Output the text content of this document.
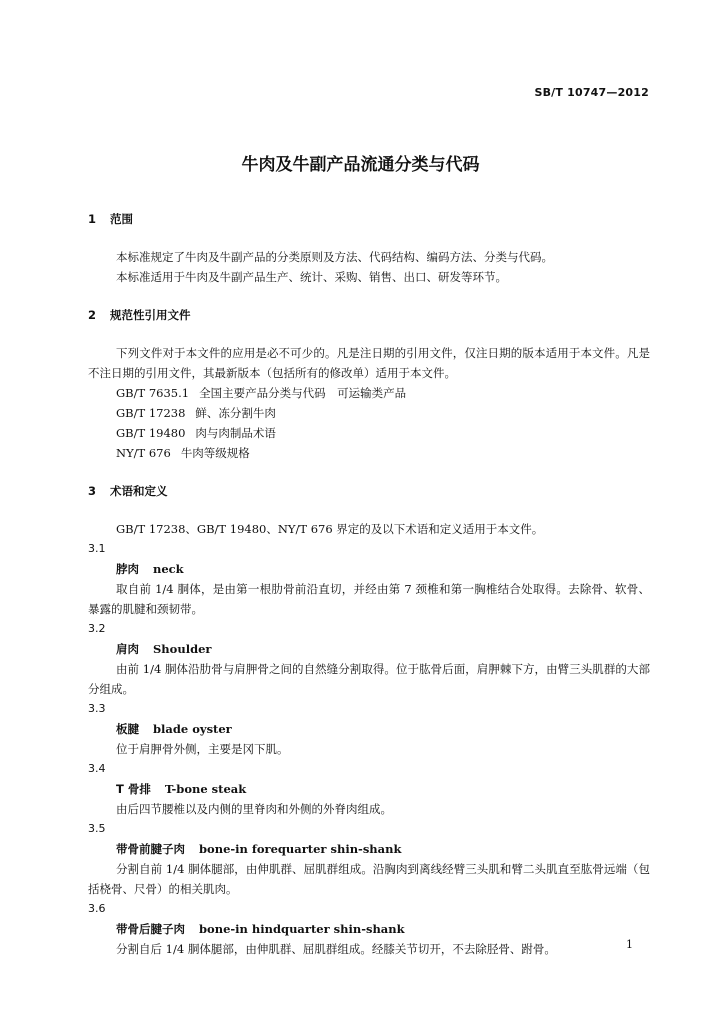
SB/T 10747—2012
牛肉及牛副产品流通分类与代码
1 范围
本标准规定了牛肉及牛副产品的分类原则及方法、代码结构、编码方法、分类与代码。
本标准适用于牛肉及牛副产品生产、统计、采购、销售、出口、研发等环节。
2 规范性引用文件
下列文件对于本文件的应用是必不可少的。凡是注日期的引用文件，仅注日期的版本适用于本文件。凡是不注日期的引用文件，其最新版本（包括所有的修改单）适用于本文件。
GB/T 7635.1 全国主要产品分类与代码　可运输类产品
GB/T 17238 鲜、冻分割牛肉
GB/T 19480 肉与肉制品术语
NY/T 676 牛肉等级规格
3 术语和定义
GB/T 17238、GB/T 19480、NY/T 676 界定的及以下术语和定义适用于本文件。
3.1
脖肉 neck
取自前 1/4 胴体，是由第一根肋骨前沿直切，并经由第 7 颈椎和第一胸椎结合处取得。去除骨、软骨、暴露的肌腱和颈韧带。
3.2
肩肉 Shoulder
由前 1/4 胴体沿肋骨与肩胛骨之间的自然缝分割取得。位于肱骨后面，肩胛棘下方，由臂三头肌群的大部分组成。
3.3
板腱 blade oyster
位于肩胛骨外侧，主要是冈下肌。
3.4
T 骨排 T-bone steak
由后四节腰椎以及内侧的里脊肉和外侧的外脊肉组成。
3.5
带骨前腱子肉 bone-in forequarter shin-shank
分割自前 1/4 胴体腿部，由伸肌群、屈肌群组成。沿胸肉到离线经臂三头肌和臂二头肌直至肱骨远端（包括桡骨、尺骨）的相关肌肉。
3.6
带骨后腱子肉 bone-in hindquarter shin-shank
分割自后 1/4 胴体腿部，由伸肌群、屈肌群组成。经膝关节切开，不去除胫骨、跗骨。	1
